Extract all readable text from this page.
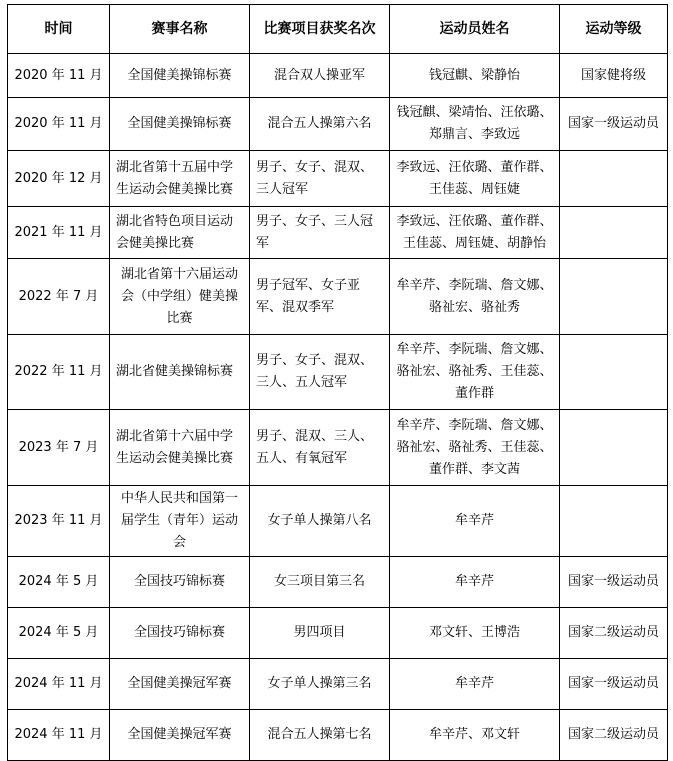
时间	赛事名称	比赛项目获奖名次	运动员姓名	运动等级
2020 年 11 月	全国健美操锦标赛	混合双人操亚军	钱冠麒、梁静怡	国家健将级
2020 年 11 月	全国健美操锦标赛	混合五人操第六名	钱冠麒、梁靖怡、汪依璐、郑鼎言、李致远	国家一级运动员
2020 年 12 月	湖北省第十五届中学生运动会健美操比赛	男子、女子、混双、三人冠军	李致远、汪依璐、董作群、王佳蕊、周钰婕	
2021 年 11 月	湖北省特色项目运动会健美操比赛	男子、女子、三人冠军	李致远、汪依璐、董作群、王佳蕊、周钰婕、胡静怡	
2022 年 7 月	湖北省第十六届运动会（中学组）健美操比赛	男子冠军、女子亚军、混双季军	牟辛芹、李阮瑞、詹文娜、骆祉宏、骆祉秀	
2022 年 11 月	湖北省健美操锦标赛	男子、女子、混双、三人、五人冠军	牟辛芹、李阮瑞、詹文娜、骆祉宏、骆祉秀、王佳蕊、董作群	
2023 年 7 月	湖北省第十六届中学生运动会健美操比赛	男子、混双、三人、五人、有氧冠军	牟辛芹、李阮瑞、詹文娜、骆祉宏、骆祉秀、王佳蕊、董作群、李文茜	
2023 年 11 月	中华人民共和国第一届学生（青年）运动会	女子单人操第八名	牟辛芹	
2024 年 5 月	全国技巧锦标赛	女三项目第三名	牟辛芹	国家一级运动员
2024 年 5 月	全国技巧锦标赛	男四项目	邓文轩、王博浩	国家二级运动员
2024 年 11 月	全国健美操冠军赛	女子单人操第三名	牟辛芹	国家一级运动员
2024 年 11 月	全国健美操冠军赛	混合五人操第七名	牟辛芹、邓文轩	国家二级运动员
